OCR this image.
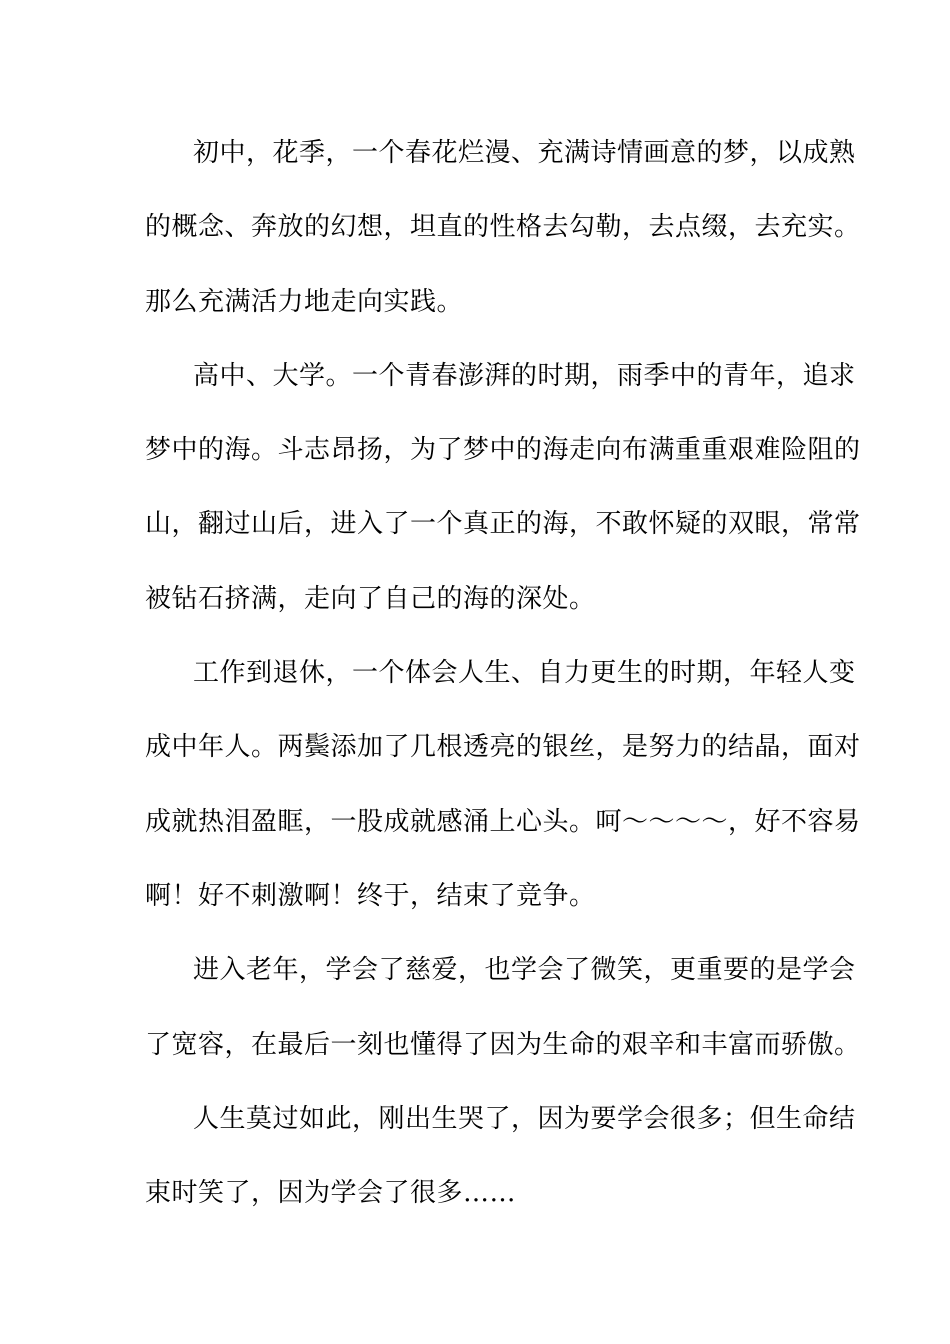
初中，花季，一个春花烂漫、充满诗情画意的梦，以成熟
的概念、奔放的幻想，坦直的性格去勾勒，去点缀，去充实。
那么充满活力地走向实践。
高中、大学。一个青春澎湃的时期，雨季中的青年，追求
梦中的海。斗志昂扬，为了梦中的海走向布满重重艰难险阻的
山，翻过山后，进入了一个真正的海，不敢怀疑的双眼，常常
被钻石挤满，走向了自己的海的深处。
工作到退休，一个体会人生、自力更生的时期，年轻人变
成中年人。两鬓添加了几根透亮的银丝，是努力的结晶，面对
成就热泪盈眶，一股成就感涌上心头。呵～～～～，好不容易
啊！好不刺激啊！终于，结束了竞争。
进入老年，学会了慈爱，也学会了微笑，更重要的是学会
了宽容，在最后一刻也懂得了因为生命的艰辛和丰富而骄傲。
人生莫过如此，刚出生哭了，因为要学会很多；但生命结
束时笑了，因为学会了很多……
